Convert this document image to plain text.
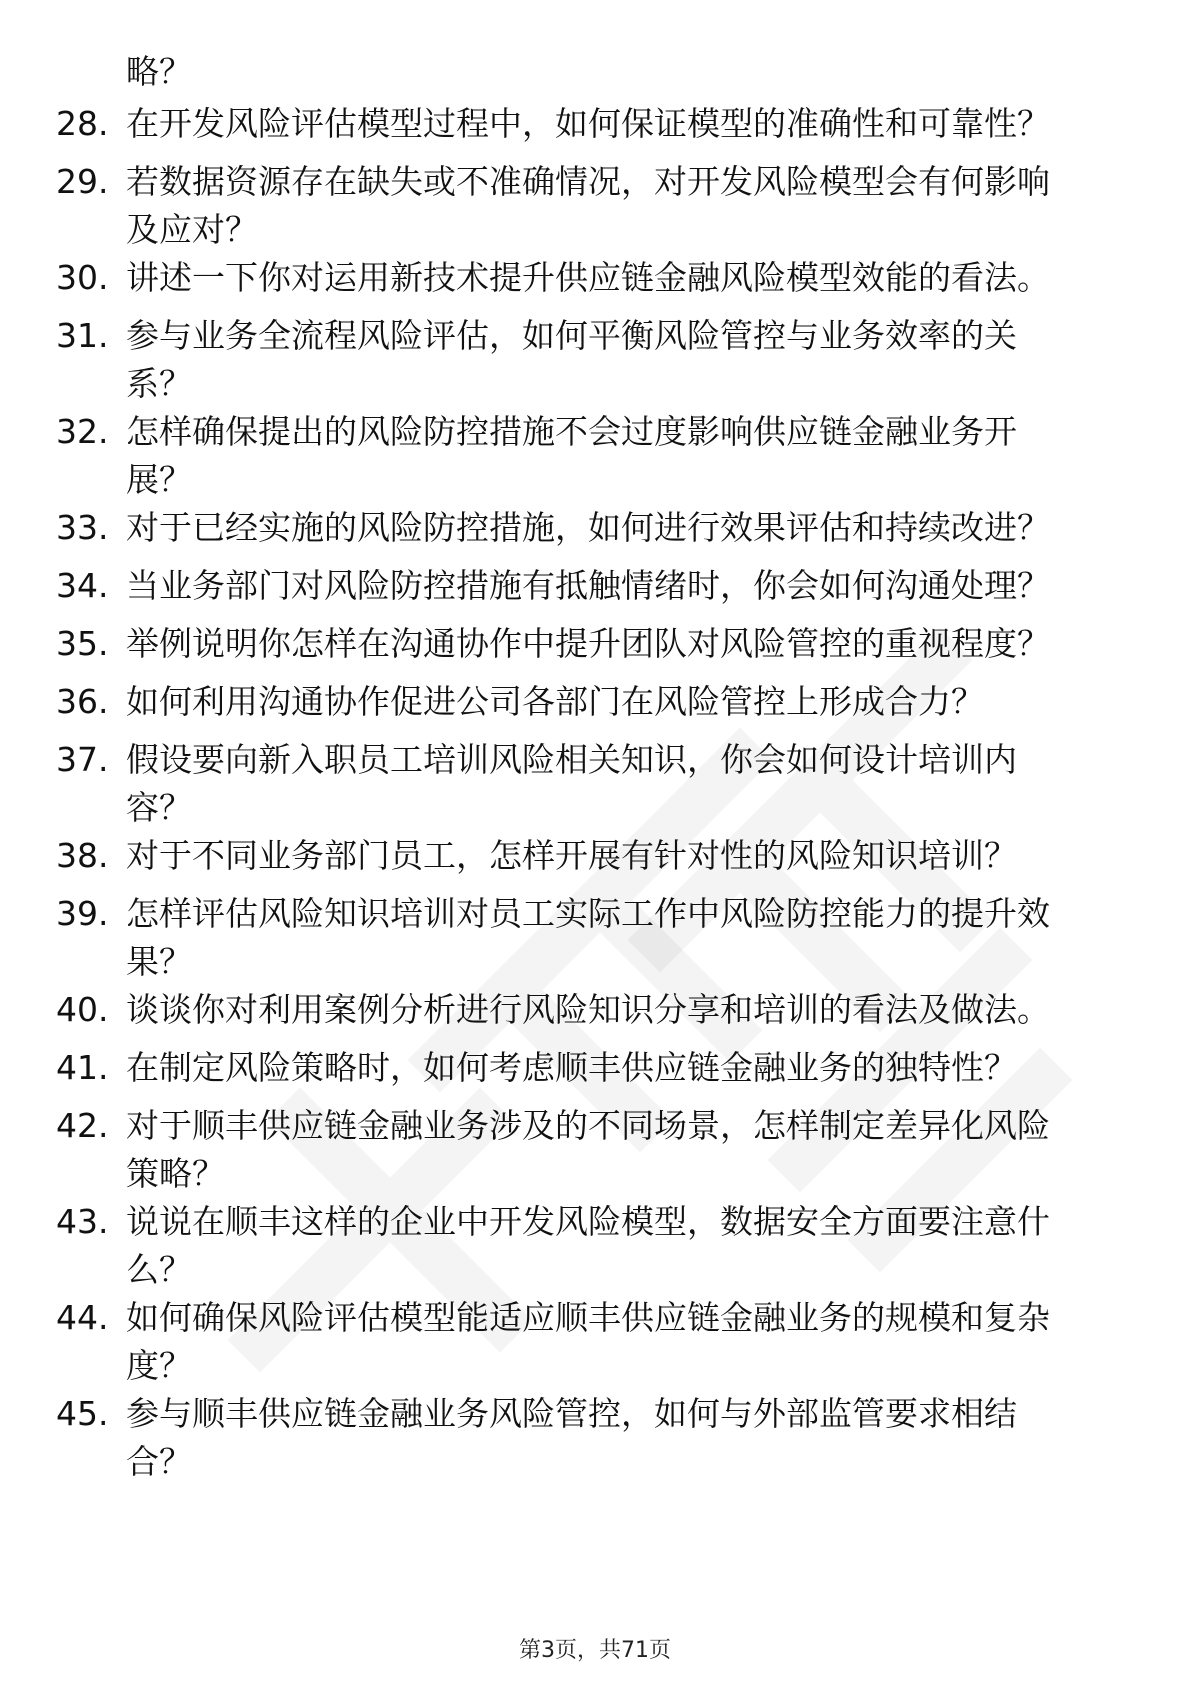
略？
28. 在开发风险评估模型过程中，如何保证模型的准确性和可靠性？
29. 若数据资源存在缺失或不准确情况，对开发风险模型会有何影响
及应对？
30. 讲述一下你对运用新技术提升供应链金融风险模型效能的看法。
31. 参与业务全流程风险评估，如何平衡风险管控与业务效率的关
系？
32. 怎样确保提出的风险防控措施不会过度影响供应链金融业务开
展？
33. 对于已经实施的风险防控措施，如何进行效果评估和持续改进？
34. 当业务部门对风险防控措施有抵触情绪时，你会如何沟通处理？
35. 举例说明你怎样在沟通协作中提升团队对风险管控的重视程度？
36. 如何利用沟通协作促进公司各部门在风险管控上形成合力？
37. 假设要向新入职员工培训风险相关知识，你会如何设计培训内
容？
38. 对于不同业务部门员工，怎样开展有针对性的风险知识培训？
39. 怎样评估风险知识培训对员工实际工作中风险防控能力的提升效
果？
40. 谈谈你对利用案例分析进行风险知识分享和培训的看法及做法。
41. 在制定风险策略时，如何考虑顺丰供应链金融业务的独特性？
42. 对于顺丰供应链金融业务涉及的不同场景，怎样制定差异化风险
策略？
43. 说说在顺丰这样的企业中开发风险模型，数据安全方面要注意什
么？
44. 如何确保风险评估模型能适应顺丰供应链金融业务的规模和复杂
度？
45. 参与顺丰供应链金融业务风险管控，如何与外部监管要求相结
合？
第3页，共71页
